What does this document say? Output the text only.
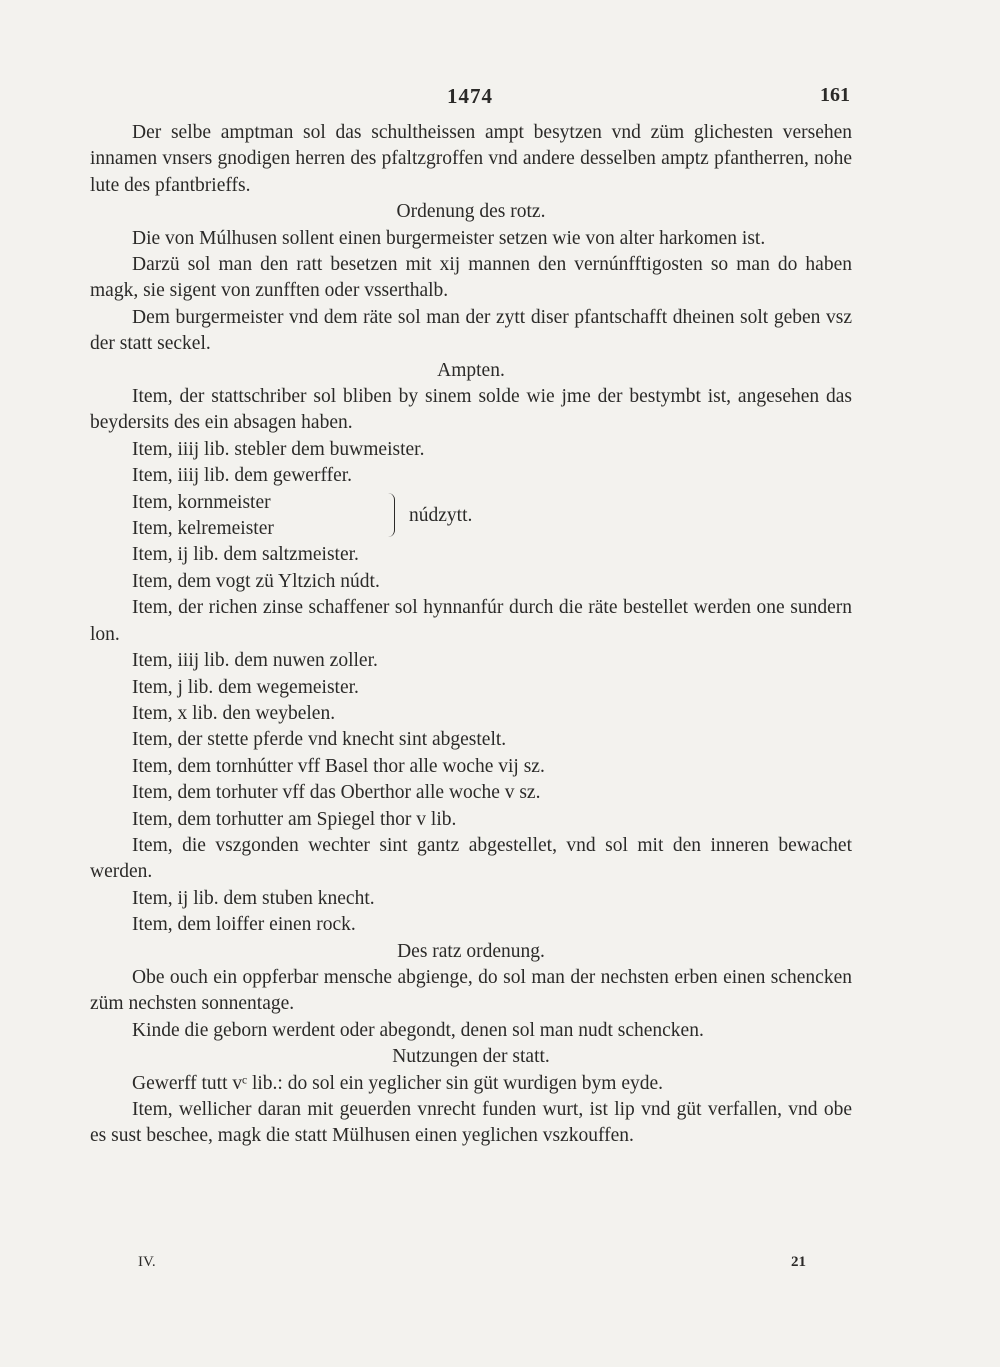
1474	161

Der selbe amptman sol das schultheissen ampt besytzen vnd züm glichesten versehen innamen vnsers gnodigen herren des pfaltzgroffen vnd andere desselben amptz pfantherren, nohe lute des pfantbrieffs.

Ordenung des rotz.

Die von Múlhusen sollent einen burgermeister setzen wie von alter harkomen ist.

Darzü sol man den ratt besetzen mit xij mannen den vernúnfftigosten so man do haben magk, sie sigent von zunfften oder vsserthalb.

Dem burgermeister vnd dem räte sol man der zytt diser pfantschafft dheinen solt geben vsz der statt seckel.

Ampten.

Item, der stattschriber sol bliben by sinem solde wie jme der bestymbt ist, angesehen das beydersits des ein absagen haben.

Item, iiij lib. stebler dem buwmeister.

Item, iiij lib. dem gewerffer.

Item, kornmeister

Item, kelremeister

núdzytt.

Item, ij lib. dem saltzmeister.

Item, dem vogt zü Yltzich núdt.

Item, der richen zinse schaffener sol hynnanfúr durch die räte bestellet werden one sundern lon.

Item, iiij lib. dem nuwen zoller.

Item, j lib. dem wegemeister.

Item, x lib. den weybelen.

Item, der stette pferde vnd knecht sint abgestelt.

Item, dem tornhútter vff Basel thor alle woche vij sz.

Item, dem torhuter vff das Oberthor alle woche v sz.

Item, dem torhutter am Spiegel thor v lib.

Item, die vszgonden wechter sint gantz abgestellet, vnd sol mit den inneren bewachet werden.

Item, ij lib. dem stuben knecht.

Item, dem loiffer einen rock.

Des ratz ordenung.

Obe ouch ein oppferbar mensche abgienge, do sol man der nechsten erben einen schencken züm nechsten sonnentage.

Kinde die geborn werdent oder abegondt, denen sol man nudt schencken.

Nutzungen der statt.

Gewerff tutt vᶜ lib.: do sol ein yeglicher sin güt wurdigen bym eyde.

Item, wellicher daran mit geuerden vnrecht funden wurt, ist lip vnd güt verfallen, vnd obe es sust beschee, magk die statt Mülhusen einen yeglichen vszkouffen.

IV.	21
